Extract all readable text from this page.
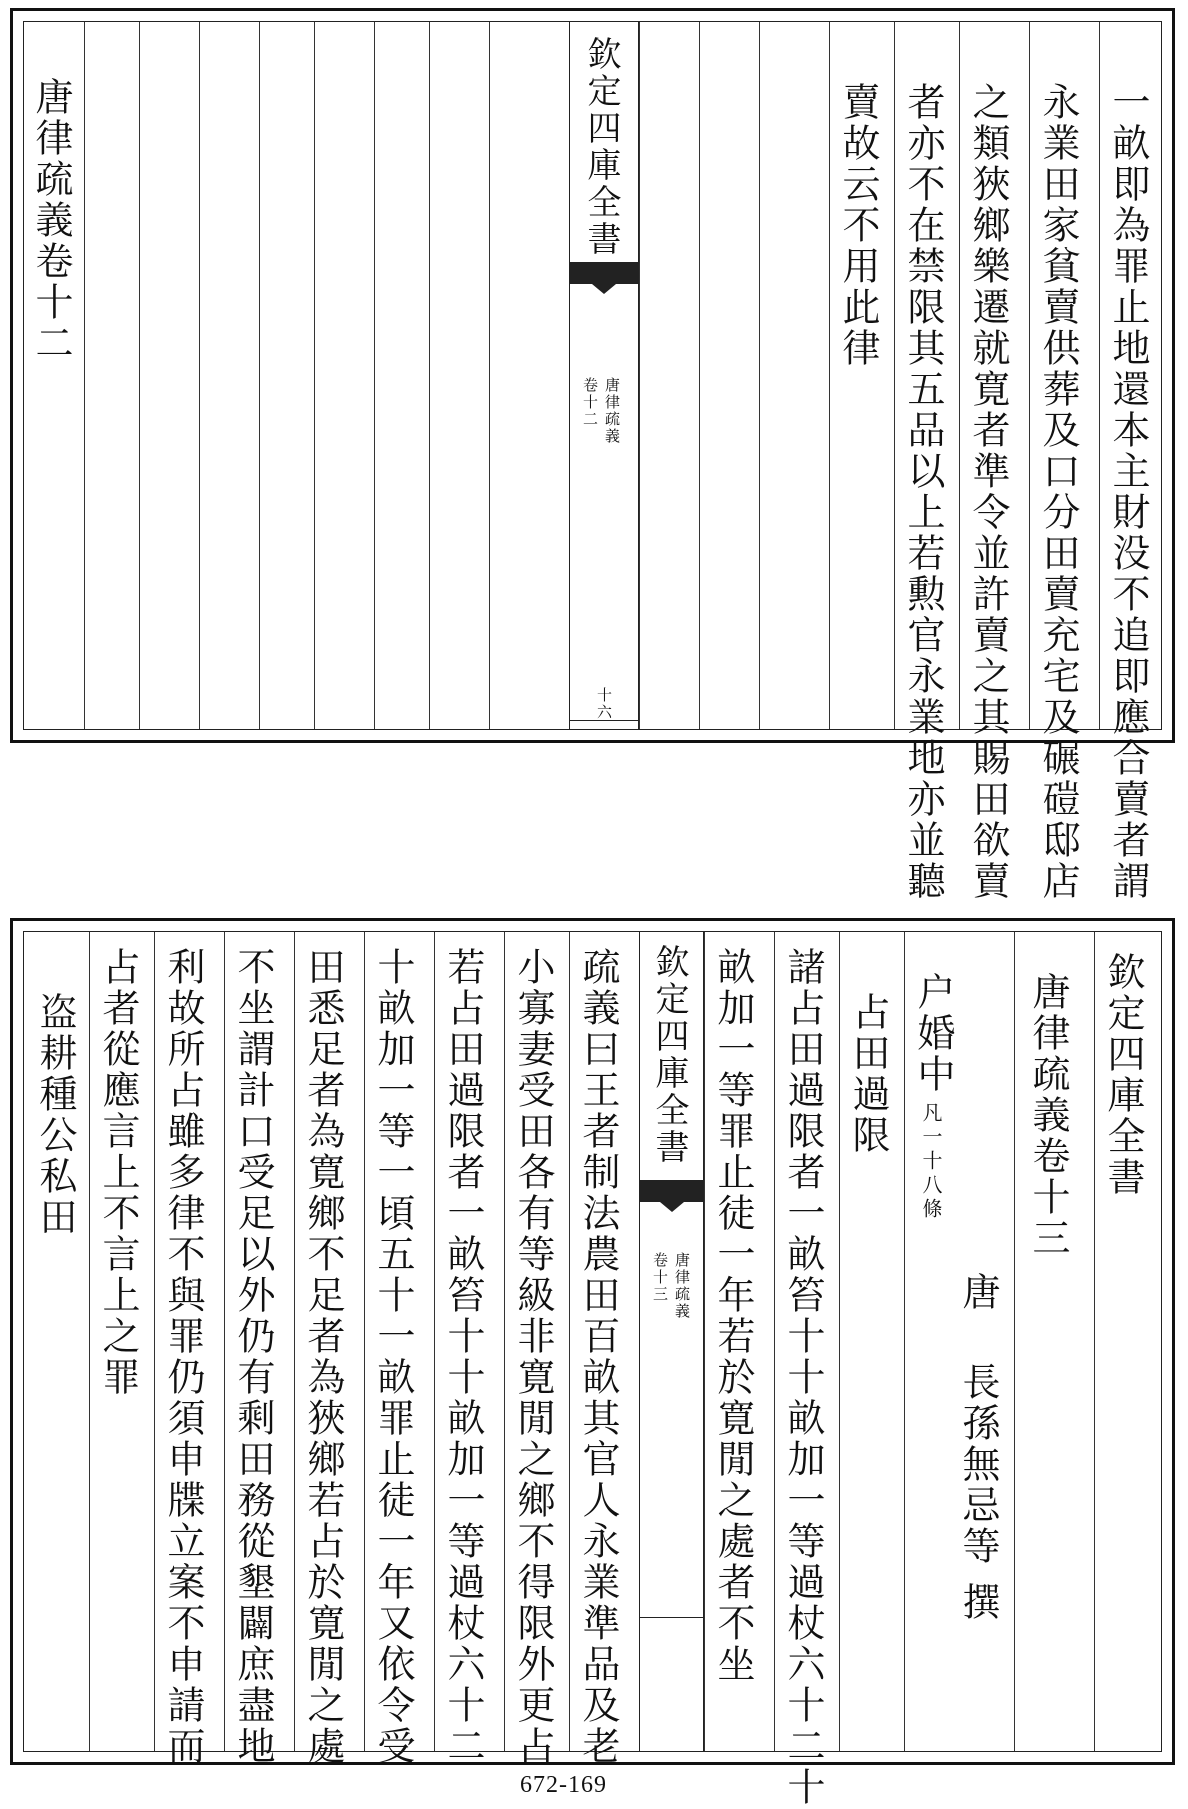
欽定四庫全書
唐律疏義
卷十二
十六
唐律疏義卷十二	一畝即為罪止地還本主財没不追即應合賣者謂
永業田家貧賣供葬及口分田賣充宅及碾磑邸店
之類狹鄉樂遷就寛者準令並許賣之其賜田欲賣
者亦不在禁限其五品以上若勲官永業地亦並聽
賣故云不用此律
欽定四庫全書
唐律疏義
卷十三
欽定四庫全書
唐律疏義卷十三
唐
長孫無忌等
撰
户婚中
凡一十八條
占田過限
諸占田過限者一畝笞十十畝加一等過杖六十二十
畝加一等罪止徒一年若於寛閒之處者不坐
疏義曰王者制法農田百畝其官人永業準品及老
小寡妻受田各有等級非寛閒之鄉不得限外更占
若占田過限者一畝笞十十畝加一等過杖六十二
十畝加一等一頃五十一畝罪止徒一年又依令受
田悉足者為寛鄉不足者為狹鄉若占於寛閒之處
不坐謂計口受足以外仍有剩田務從墾闢庶盡地
利故所占雖多律不與罪仍須申牒立案不申請而
占者從應言上不言上之罪
盗耕種公私田
672-169
